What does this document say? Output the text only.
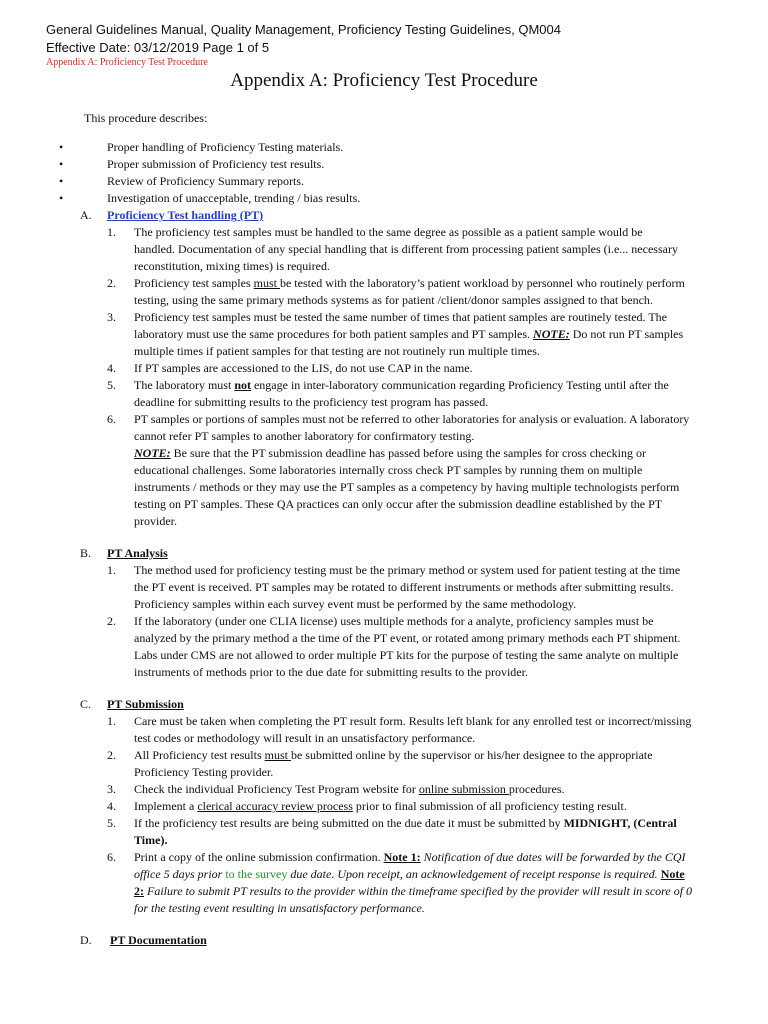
General Guidelines Manual, Quality Management, Proficiency Testing Guidelines, QM004
Effective Date: 03/12/2019 Page 1 of 5
Appendix A: Proficiency Test Procedure
Appendix A: Proficiency Test Procedure
This procedure describes:
•	Proper handling of Proficiency Testing materials.
•	Proper submission of Proficiency test results.
•	Review of Proficiency Summary reports.
•	Investigation of unacceptable, trending / bias results.
A. Proficiency Test handling (PT)
1. The proficiency test samples must be handled to the same degree as possible as a patient sample would be
handled. Documentation of any special handling that is different from processing patient samples (i.e... necessary
reconstitution, mixing times) is required.
2. Proficiency test samples must be tested with the laboratory’s patient workload by personnel who routinely perform
testing, using the same primary methods systems as for patient /client/donor samples assigned to that bench.
3. Proficiency test samples must be tested the same number of times that patient samples are routinely tested. The
laboratory must use the same procedures for both patient samples and PT samples. NOTE: Do not run PT samples
multiple times if patient samples for that testing are not routinely run multiple times.
4. If PT samples are accessioned to the LIS, do not use CAP in the name.
5. The laboratory must not engage in inter-laboratory communication regarding Proficiency Testing until after the
deadline for submitting results to the proficiency test program has passed.
6. PT samples or portions of samples must not be referred to other laboratories for analysis or evaluation. A laboratory
cannot refer PT samples to another laboratory for confirmatory testing.
NOTE: Be sure that the PT submission deadline has passed before using the samples for cross checking or
educational challenges. Some laboratories internally cross check PT samples by running them on multiple
instruments / methods or they may use the PT samples as a competency by having multiple technologists perform
testing on PT samples. These QA practices can only occur after the submission deadline established by the PT
provider.
B. PT Analysis
1. The method used for proficiency testing must be the primary method or system used for patient testing at the time
the PT event is received. PT samples may be rotated to different instruments or methods after submitting results.
Proficiency samples within each survey event must be performed by the same methodology.
2. If the laboratory (under one CLIA license) uses multiple methods for a analyte, proficiency samples must be
analyzed by the primary method a the time of the PT event, or rotated among primary methods each PT shipment.
Labs under CMS are not allowed to order multiple PT kits for the purpose of testing the same analyte on multiple
instruments of methods prior to the due date for submitting results to the provider.
C. PT Submission
1. Care must be taken when completing the PT result form. Results left blank for any enrolled test or incorrect/missing
test codes or methodology will result in an unsatisfactory performance.
2. All Proficiency test results must be submitted online by the supervisor or his/her designee to the appropriate
Proficiency Testing provider.
3. Check the individual Proficiency Test Program website for online submission procedures.
4. Implement a clerical accuracy review process prior to final submission of all proficiency testing result.
5. If the proficiency test results are being submitted on the due date it must be submitted by MIDNIGHT, (Central
Time).
6. Print a copy of the online submission confirmation. Note 1: Notification of due dates will be forwarded by the CQI
office 5 days prior to the survey due date. Upon receipt, an acknowledgement of receipt response is required. Note
2: Failure to submit PT results to the provider within the timeframe specified by the provider will result in score of 0
for the testing event resulting in unsatisfactory performance.
D. PT Documentation
